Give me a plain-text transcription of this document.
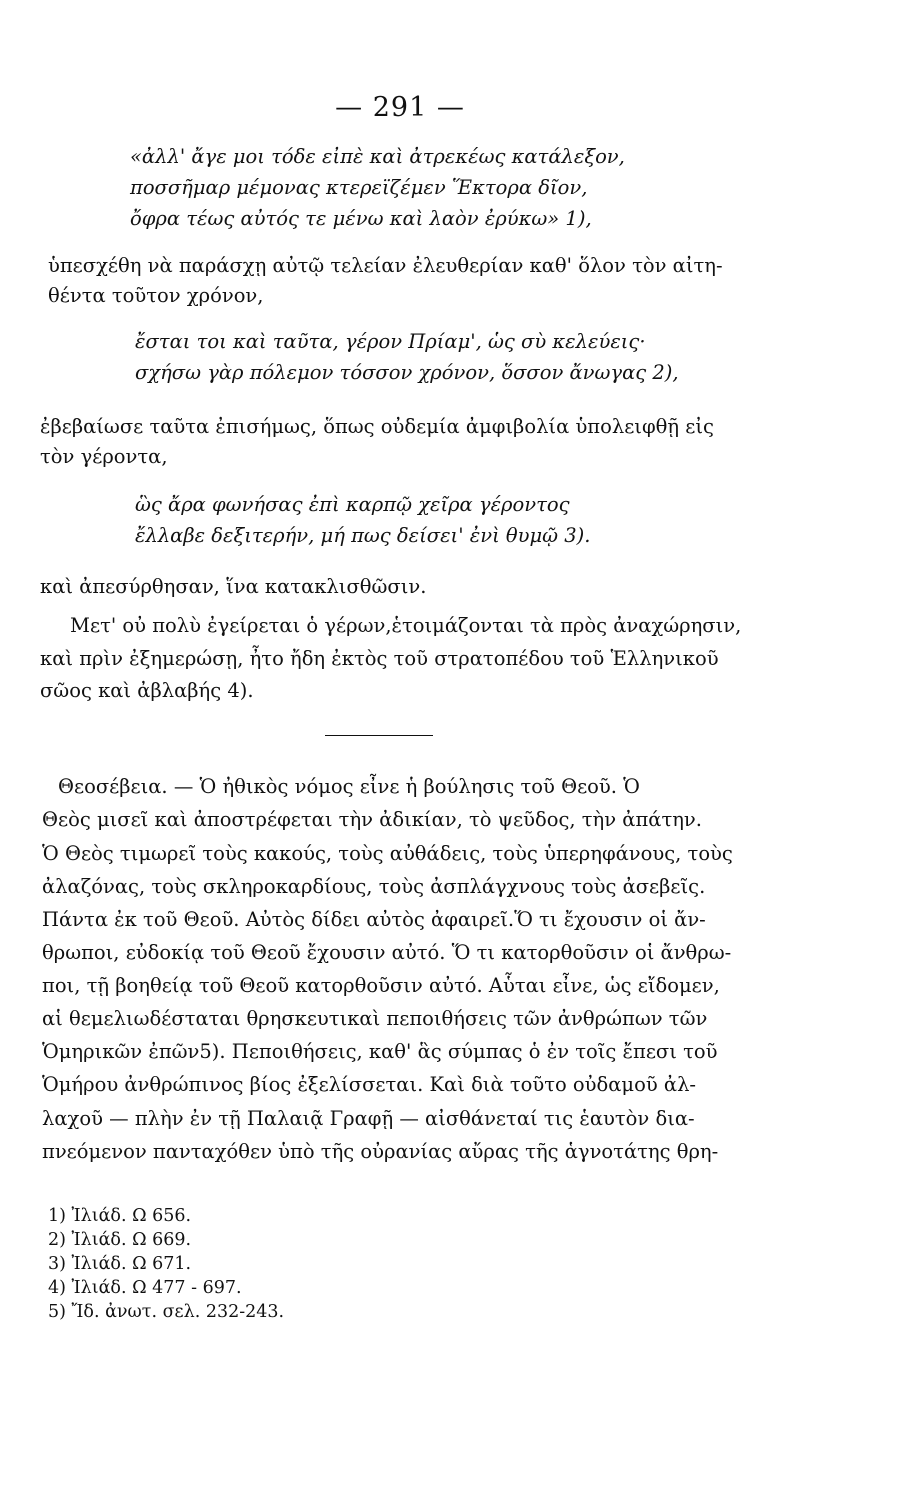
— 291 —
«ἀλλ' ἄγε μοι τόδε εἰπὲ καὶ ἀτρεκέως κατάλεξον,
ποσσῆμαρ μέμονας κτερεϊζέμεν Ἕκτορα δῖον,
ὄφρα τέως αὐτός τε μένω καὶ λαὸν ἐρύκω» 1),
ὑπεσχέθη νὰ παράσχῃ αὐτῷ τελείαν ἐλευθερίαν καθ' ὅλον τὸν αἰτη-
θέντα τοῦτον χρόνον,
ἔσται τοι καὶ ταῦτα, γέρον Πρίαμ', ὡς σὺ κελεύεις·
σχήσω γὰρ πόλεμον τόσσον χρόνον, ὅσσον ἄνωγας 2),
ἐβεβαίωσε ταῦτα ἐπισήμως, ὅπως οὐδεμία ἀμφιβολία ὑπολειφθῇ εἰς
τὸν γέροντα,
ὣς ἄρα φωνήσας ἐπὶ καρπῷ χεῖρα γέροντος
ἔλλαβε δεξιτερήν, μή πως δείσει' ἐνὶ θυμῷ 3).
καὶ ἀπεσύρθησαν, ἵνα κατακλισθῶσιν.
Μετ' οὐ πολὺ ἐγείρεται ὁ γέρων,ἑτοιμάζονται τὰ πρὸς ἀναχώρησιν,
καὶ πρὶν ἐξημερώσῃ, ἦτο ἤδη ἐκτὸς τοῦ στρατοπέδου τοῦ Ἑλληνικοῦ
σῶος καὶ ἀβλαβής 4).
Θεοσέβεια. — Ὁ ἠθικὸς νόμος εἶνε ἡ βούλησις τοῦ Θεοῦ. Ὁ
Θεὸς μισεῖ καὶ ἀποστρέφεται τὴν ἀδικίαν, τὸ ψεῦδος, τὴν ἀπάτην.
Ὁ Θεὸς τιμωρεῖ τοὺς κακούς, τοὺς αὐθάδεις, τοὺς ὑπερηφάνους, τοὺς
ἀλαζόνας, τοὺς σκληροκαρδίους, τοὺς ἀσπλάγχνους τοὺς ἀσεβεῖς.
Πάντα ἐκ τοῦ Θεοῦ. Αὐτὸς δίδει αὐτὸς ἀφαιρεῖ.Ὅ τι ἔχουσιν οἱ ἄν-
θρωποι, εὐδοκίᾳ τοῦ Θεοῦ ἔχουσιν αὐτό. Ὅ τι κατορθοῦσιν οἱ ἄνθρω-
ποι, τῇ βοηθείᾳ τοῦ Θεοῦ κατορθοῦσιν αὐτό. Αὗται εἶνε, ὡς εἴδομεν,
αἱ θεμελιωδέσταται θρησκευτικαὶ πεποιθήσεις τῶν ἀνθρώπων τῶν
Ὁμηρικῶν ἐπῶν5). Πεποιθήσεις, καθ' ἃς σύμπας ὁ ἐν τοῖς ἔπεσι τοῦ
Ὁμήρου ἀνθρώπινος βίος ἐξελίσσεται. Καὶ διὰ τοῦτο οὐδαμοῦ ἀλ-
λαχοῦ — πλὴν ἐν τῇ Παλαιᾷ Γραφῇ — αἰσθάνεταί τις ἑαυτὸν δια-
πνεόμενον πανταχόθεν ὑπὸ τῆς οὐρανίας αὔρας τῆς ἁγνοτάτης θρη-
1) Ἰλιάδ. Ω 656.
2) Ἰλιάδ. Ω 669.
3) Ἰλιάδ. Ω 671.
4) Ἰλιάδ. Ω 477 - 697.
5) Ἴδ. ἀνωτ. σελ. 232-243.
